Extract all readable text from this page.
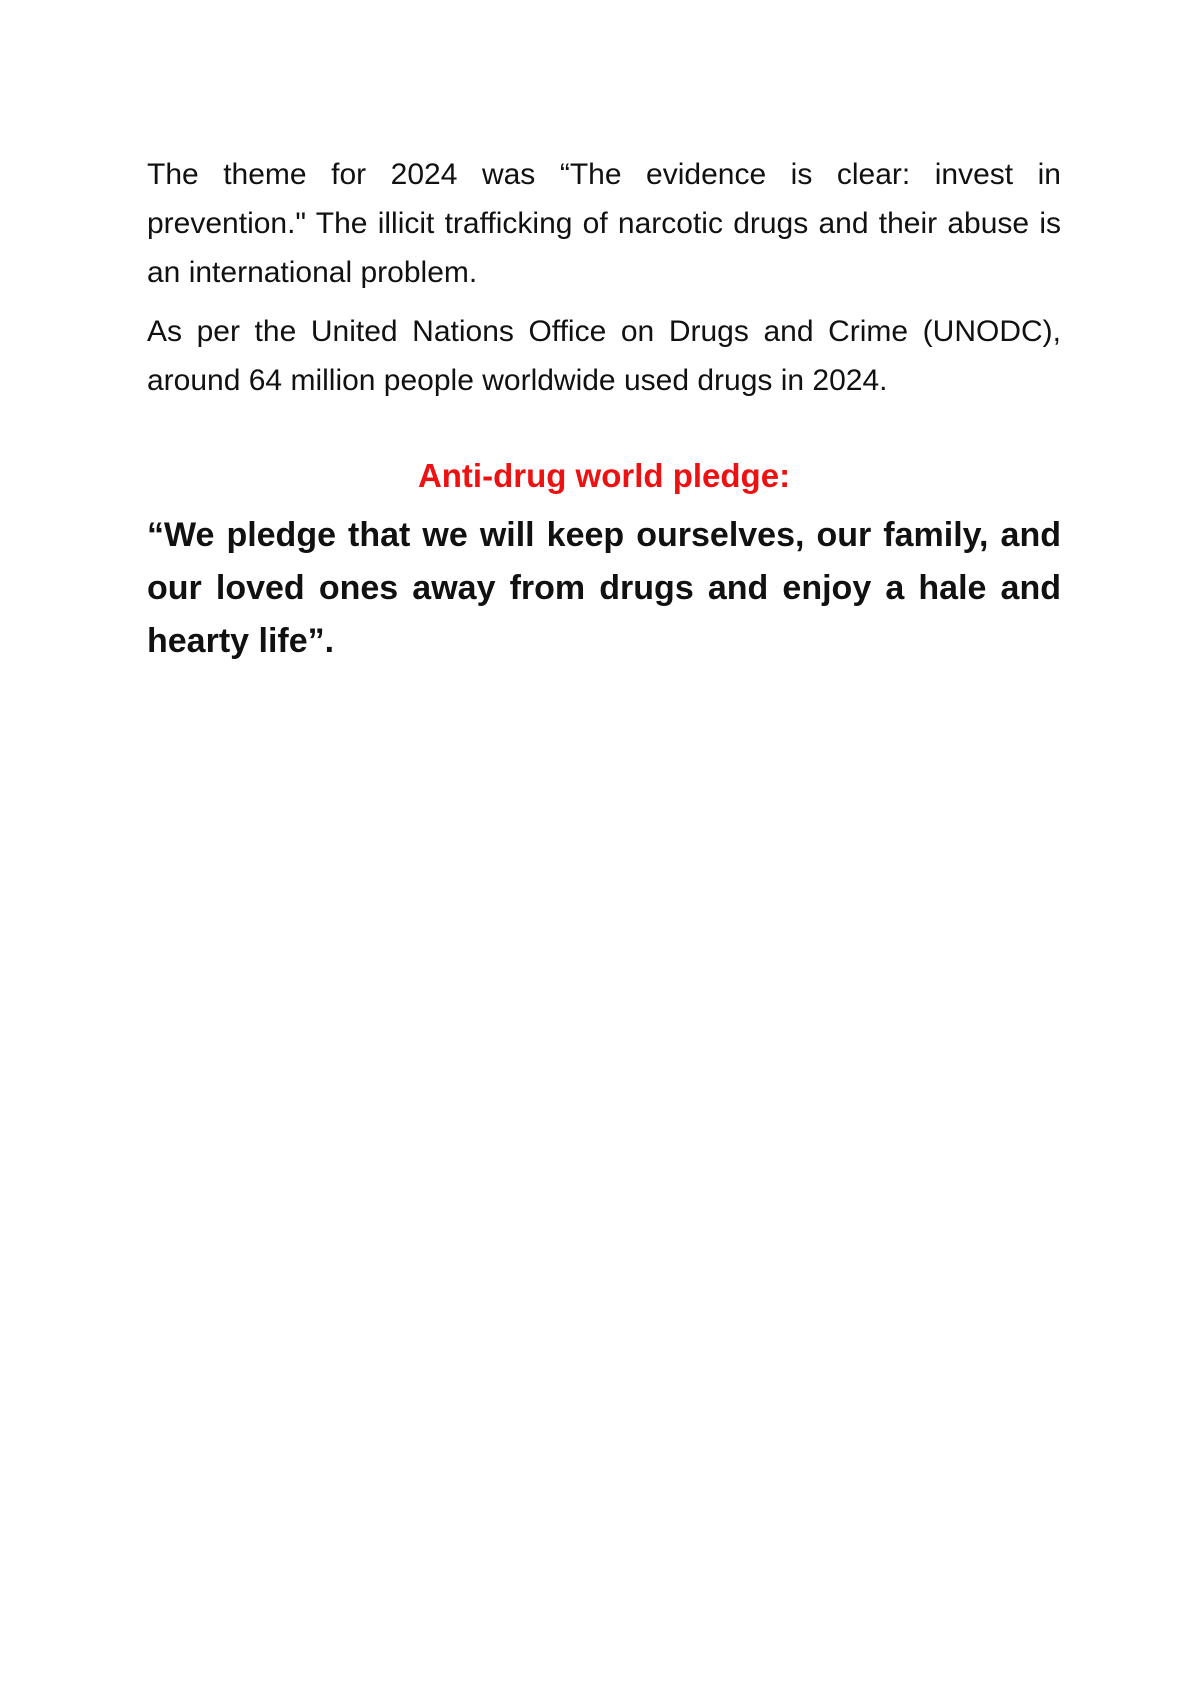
The theme for 2024 was “The evidence is clear: invest in prevention." The illicit trafficking of narcotic drugs and their abuse is an international problem.

As per the United Nations Office on Drugs and Crime (UNODC), around 64 million people worldwide used drugs in 2024.

Anti-drug world pledge:

“We pledge that we will keep ourselves, our family, and our loved ones away from drugs and enjoy a hale and hearty life”.
